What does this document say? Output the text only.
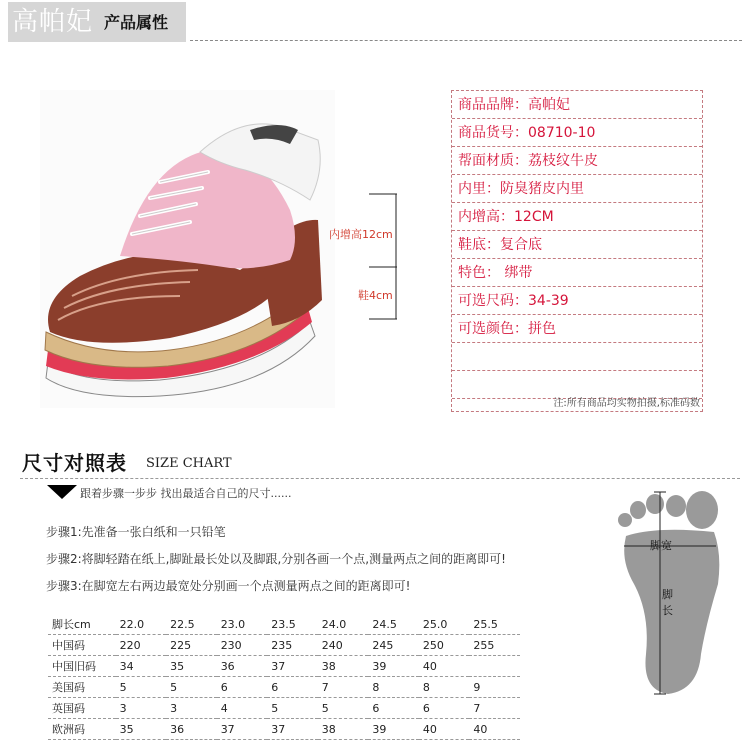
高帕妃 产品属性
内增高12cm
鞋4cm
商品品牌：高帕妃
商品货号：08710-10
帮面材质：荔枝纹牛皮
内里：防臭猪皮内里
内增高：12CM
鞋底：复合底
特色： 绑带
可选尺码：34-39
可选颜色：拼色
注:所有商品均实物拍摄,标准码数
尺寸对照表 SIZE CHART
跟着步骤一步步 找出最适合自己的尺寸......
步骤1:先准备一张白纸和一只铅笔
步骤2:将脚轻踏在纸上,脚趾最长处以及脚跟,分别各画一个点,测量两点之间的距离即可!
步骤3:在脚宽左右两边最宽处分别画一个点测量两点之间的距离即可!
脚长cm	22.0	22.5	23.0	23.5	24.0	24.5	25.0	25.5
中国码	220	225	230	235	240	245	250	255
中国旧码	34	35	36	37	38	39	40	
美国码	5	5	6	6	7	8	8	9
英国码	3	3	4	5	5	6	6	7
欧洲码	35	36	37	37	38	39	40	40
脚宽
脚
长
